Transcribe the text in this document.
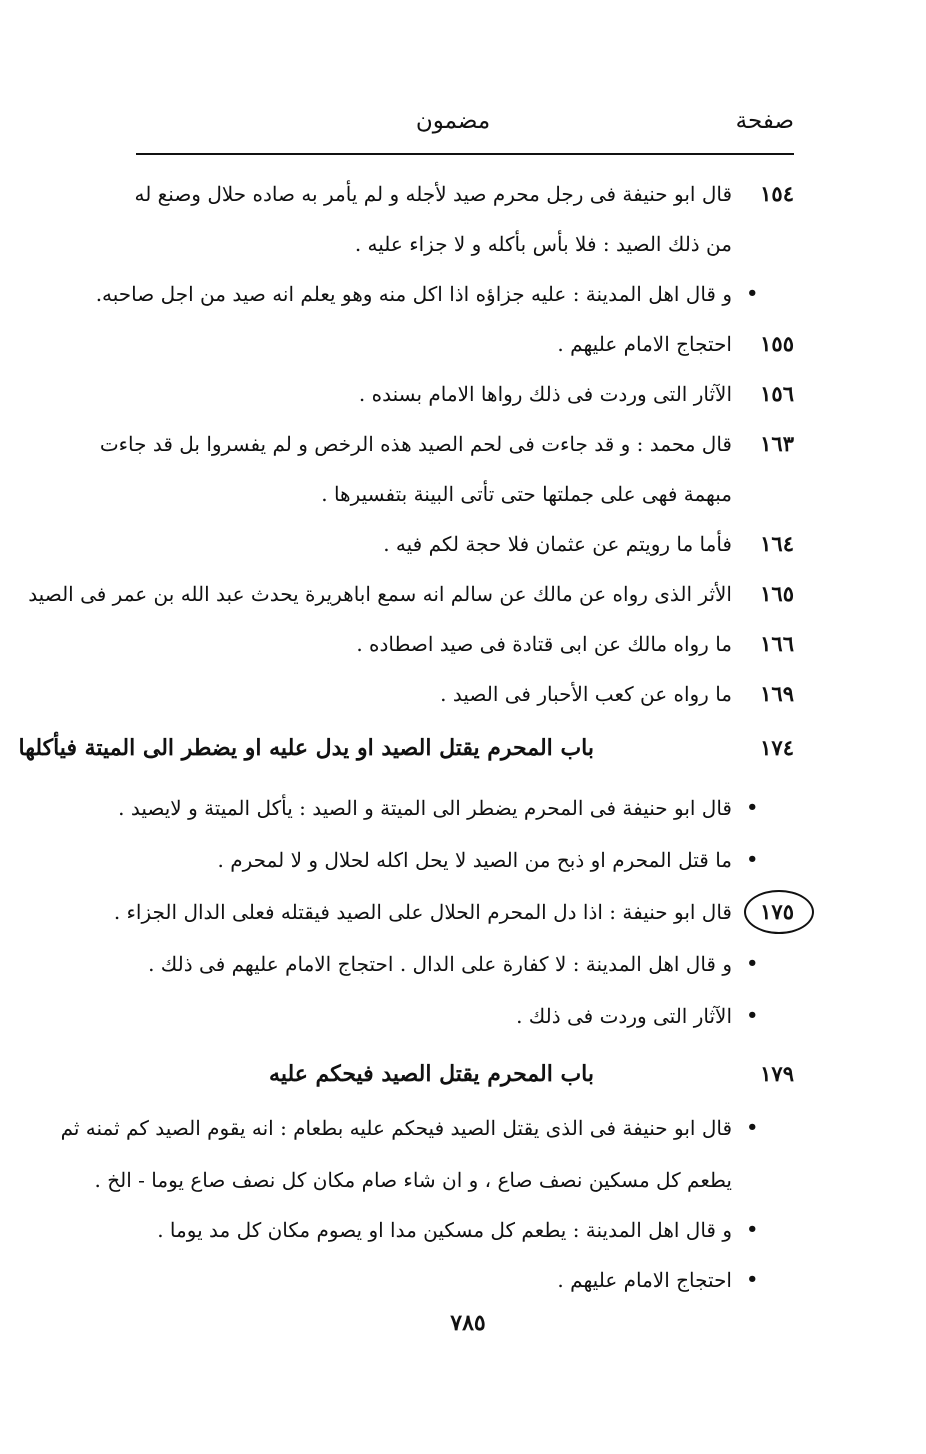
صفحة
مضمون
١٥٤
قال ابو حنيفة فى رجل محرم صيد لأجله و لم يأمر به صاده حلال وصنع له
من ذلك الصيد : فلا بأس بأكله و لا جزاء عليه .
•
و قال اهل المدينة : عليه جزاؤه اذا اكل منه وهو يعلم انه صيد من اجل صاحبه.
١٥٥
احتجاج الامام عليهم .
١٥٦
الآثار التى وردت فى ذلك رواها الامام بسنده .
١٦٣
قال محمد : و قد جاءت فى لحم الصيد هذه الرخص و لم يفسروا بل قد جاءت
مبهمة فهى على جملتها حتى تأتى البينة بتفسيرها .
١٦٤
فأما ما رويتم عن عثمان فلا حجة لكم فيه .
١٦٥
الأثر الذى رواه عن مالك عن سالم انه سمع اباهريرة يحدث عبد الله بن عمر فى الصيد
١٦٦
ما رواه مالك عن ابى قتادة فى صيد اصطاده .
١٦٩
ما رواه عن كعب الأحبار فى الصيد .
١٧٤
باب المحرم يقتل الصيد او يدل عليه او يضطر الى الميتة فيأكلها
•
قال ابو حنيفة فى المحرم يضطر الى الميتة و الصيد : يأكل الميتة و لايصيد .
•
ما قتل المحرم او ذبح من الصيد لا يحل اكله لحلال و لا لمحرم .
١٧٥
قال ابو حنيفة : اذا دل المحرم الحلال على الصيد فيقتله فعلى الدال الجزاء .
•
و قال اهل المدينة : لا كفارة على الدال . احتجاج الامام عليهم فى ذلك .
•
الآثار التى وردت فى ذلك .
١٧٩
باب المحرم يقتل الصيد فيحكم عليه
•
قال ابو حنيفة فى الذى يقتل الصيد فيحكم عليه بطعام : انه يقوم الصيد كم ثمنه ثم
يطعم كل مسكين نصف صاع ، و ان شاء صام مكان كل نصف صاع يوما - الخ .
•
و قال اهل المدينة : يطعم كل مسكين مدا او يصوم مكان كل مد يوما .
•
احتجاج الامام عليهم .
٧٨٥
